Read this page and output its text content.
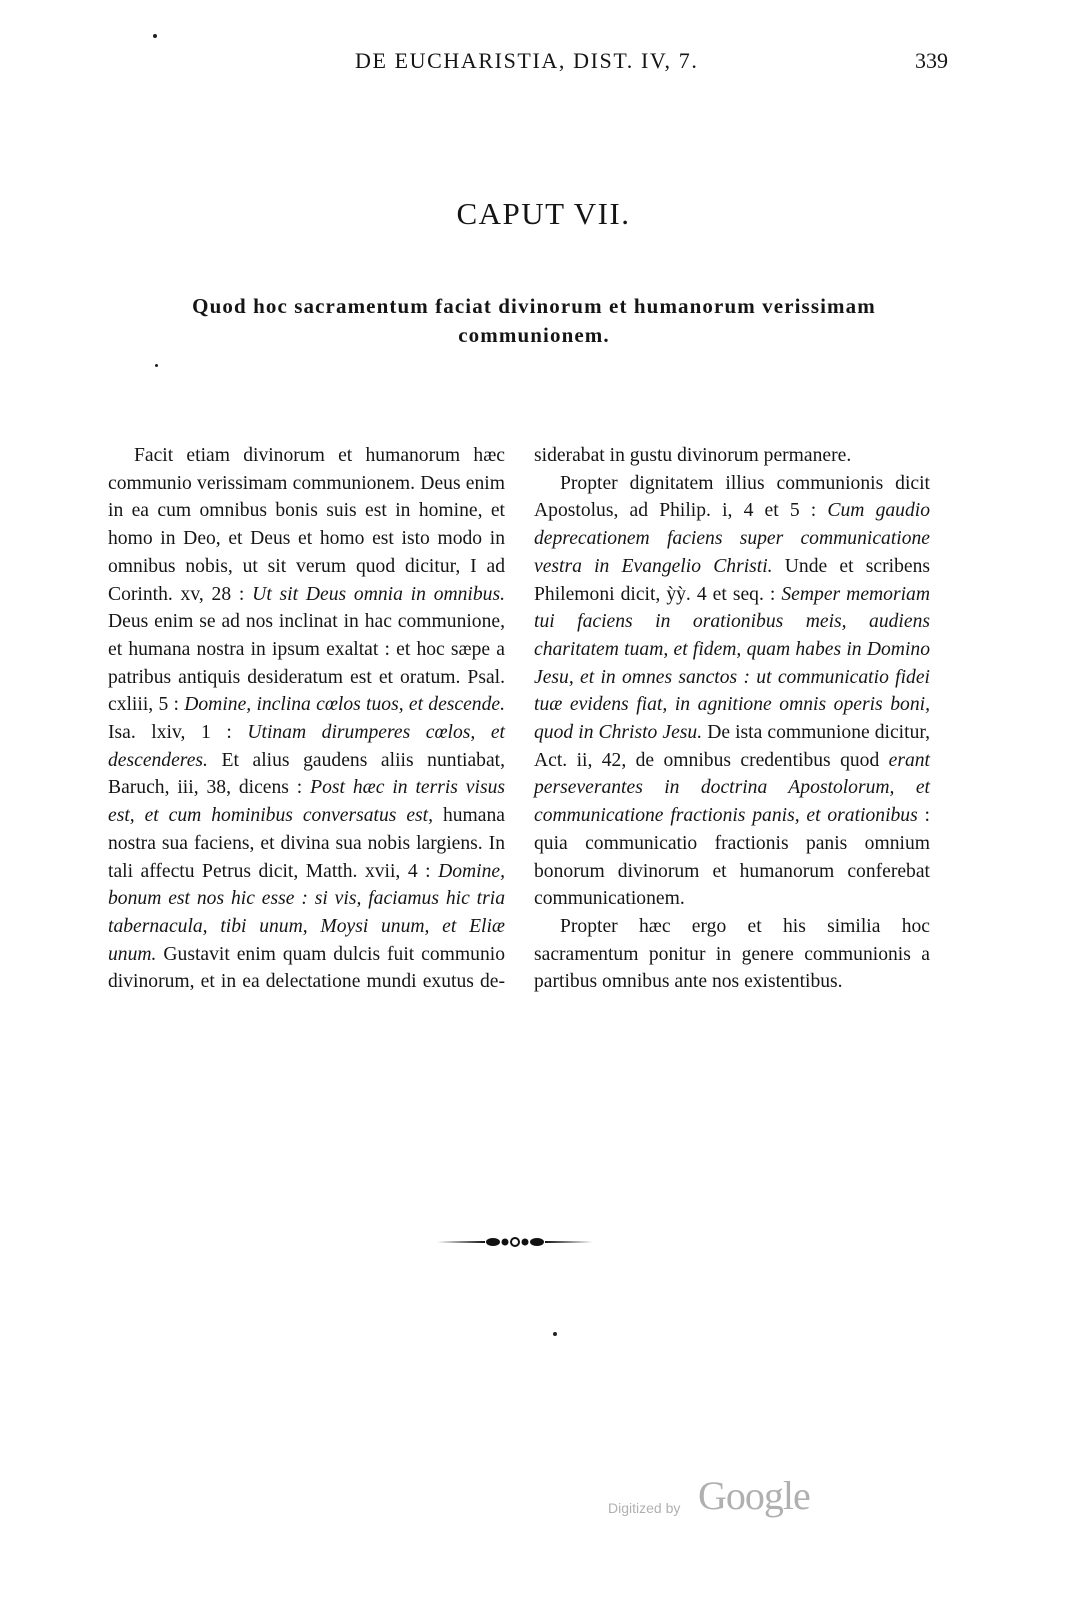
DE EUCHARISTIA, DIST. IV, 7.	339
CAPUT VII.
Quod hoc sacramentum faciat divinorum et humanorum verissimam communionem.

Facit etiam divinorum et humanorum hæc communio verissimam communionem. Deus enim in ea cum omnibus bonis suis est in homine, et homo in Deo, et Deus et homo est isto modo in omnibus nobis, ut sit verum quod dicitur, I ad Corinth. xv, 28 : Ut sit Deus omnia in omnibus. Deus enim se ad nos inclinat in hac communione, et humana nostra in ipsum exaltat : et hoc sæpe a patribus antiquis desideratum est et oratum. Psal. cxliii, 5 : Domine, inclina cœlos tuos, et descende. Isa. lxiv, 1 : Utinam dirumperes cœlos, et descenderes. Et alius gaudens aliis nuntiabat, Baruch, iii, 38, dicens : Post hæc in terris visus est, et cum hominibus conversatus est, humana nostra sua faciens, et divina sua nobis largiens. In tali affectu Petrus dicit, Matth. xvii, 4 : Domine, bonum est nos hic esse : si vis, faciamus hic tria tabernacula, tibi unum, Moysi unum, et Eliæ unum. Gustavit enim quam dulcis fuit communio divinorum, et in ea delectatione mundi exutus de-

siderabat in gustu divinorum permanere.

Propter dignitatem illius communionis dicit Apostolus, ad Philip. i, 4 et 5 : Cum gaudio deprecationem faciens super communicatione vestra in Evangelio Christi. Unde et scribens Philemoni dicit, ỳỳ. 4 et seq. : Semper memoriam tui faciens in orationibus meis, audiens charitatem tuam, et fidem, quam habes in Domino Jesu, et in omnes sanctos : ut communicatio fidei tuæ evidens fiat, in agnitione omnis operis boni, quod in Christo Jesu. De ista communione dicitur, Act. ii, 42, de omnibus credentibus quod erant perseverantes in doctrina Apostolorum, et communicatione fractionis panis, et orationibus : quia communicatio fractionis panis omnium bonorum divinorum et humanorum conferebat communicationem.

Propter hæc ergo et his similia hoc sacramentum ponitur in genere communionis a partibus omnibus ante nos existentibus.

Digitized by Google
